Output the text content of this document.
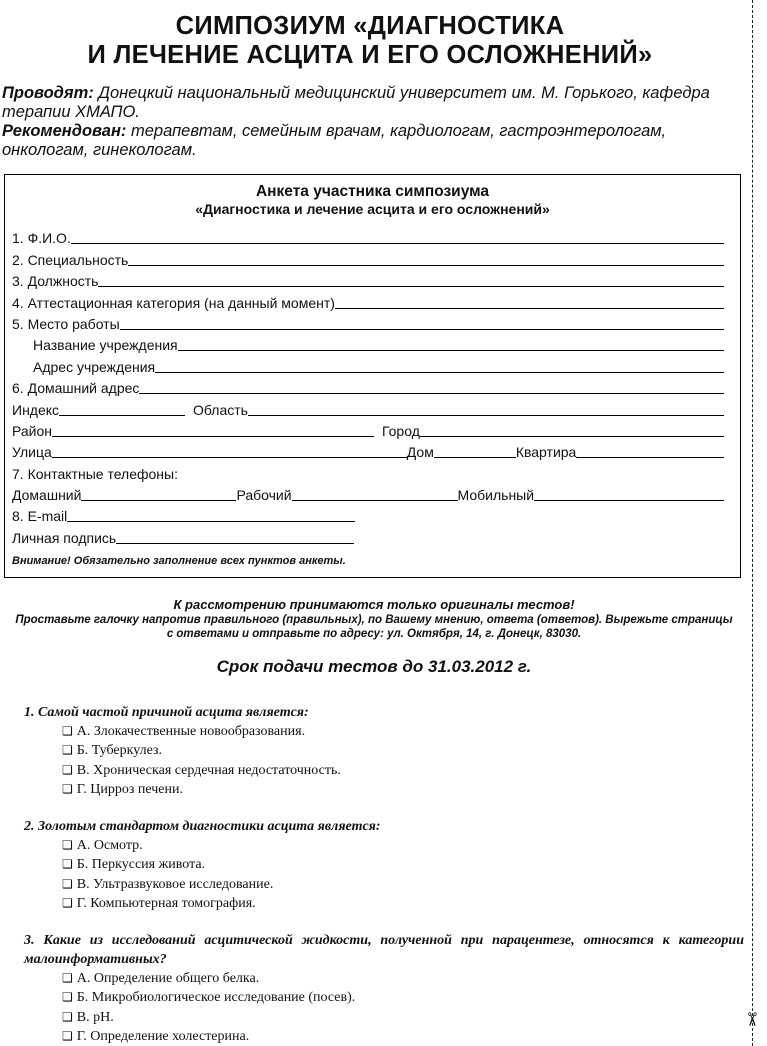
✂
СИМПОЗИУМ «ДИАГНОСТИКА
И ЛЕЧЕНИЕ АСЦИТА И ЕГО ОСЛОЖНЕНИЙ»
Проводят: Донецкий национальный медицинский университет им. М. Горького, кафедра терапии ХМАПО.
Рекомендован: терапевтам, семейным врачам, кардиологам, гастроэнтерологам, онкологам, гинекологам.
Анкета участника симпозиума
«Диагностика и лечение асцита и его осложнений»
1. Ф.И.О.
2. Специальность
3. Должность
4. Аттестационная категория (на данный момент)
5. Место работы
Название учреждения
Адрес учреждения
6. Домашний адрес
Индекс	Область
Район	Город
Улица	Дом	Квартира
7. Контактные телефоны:
Домашний	Рабочий	Мобильный
8. E-mail
Личная подпись
Внимание! Обязательно заполнение всех пунктов анкеты.
К рассмотрению принимаются только оригиналы тестов!
Проставьте галочку напротив правильного (правильных), по Вашему мнению, ответа (ответов). Вырежьте страницы
с ответами и отправьте по адресу: ул. Октября, 14, г. Донецк, 83030.
Срок подачи тестов до 31.03.2012 г.
1. Самой частой причиной асцита является:
❑ А. Злокачественные новообразования.
❑ Б. Туберкулез.
❑ В. Хроническая сердечная недостаточность.
❑ Г. Цирроз печени.
2. Золотым стандартом диагностики асцита является:
❑ А. Осмотр.
❑ Б. Перкуссия живота.
❑ В. Ультразвуковое исследование.
❑ Г. Компьютерная томография.
3. Какие из исследований асцитической жидкости, полученной при парацентезе, относятся к категории малоинформативных?
❑ А. Определение общего белка.
❑ Б. Микробиологическое исследование (посев).
❑ В. рН.
❑ Г. Определение холестерина.
